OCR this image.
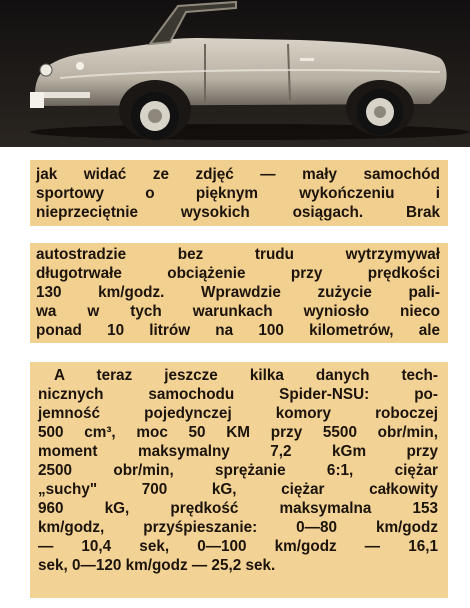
jak widać ze zdjęć — mały samochód
sportowy o pięknym wykończeniu i
nieprzeciętnie wysokich osiągach. Brak
autostradzie bez trudu wytrzymywał
długotrwałe obciążenie przy prędkości
130 km/godz. Wprawdzie zużycie pali-
wa w tych warunkach wyniosło nieco
ponad 10 litrów na 100 kilometrów, ale
A teraz jeszcze kilka danych tech-
nicznych samochodu Spider-NSU: po-
jemność pojedynczej komory roboczej
500 cm³, moc 50 KM przy 5500 obr/min,
moment maksymalny 7,2 kGm przy
2500 obr/min, sprężanie 6:1, ciężar
„suchy" 700 kG, ciężar całkowity
960 kG, prędkość maksymalna 153
km/godz, przyśpieszanie: 0—80 km/godz
— 10,4 sek, 0—100 km/godz — 16,1
sek, 0—120 km/godz — 25,2 sek.
